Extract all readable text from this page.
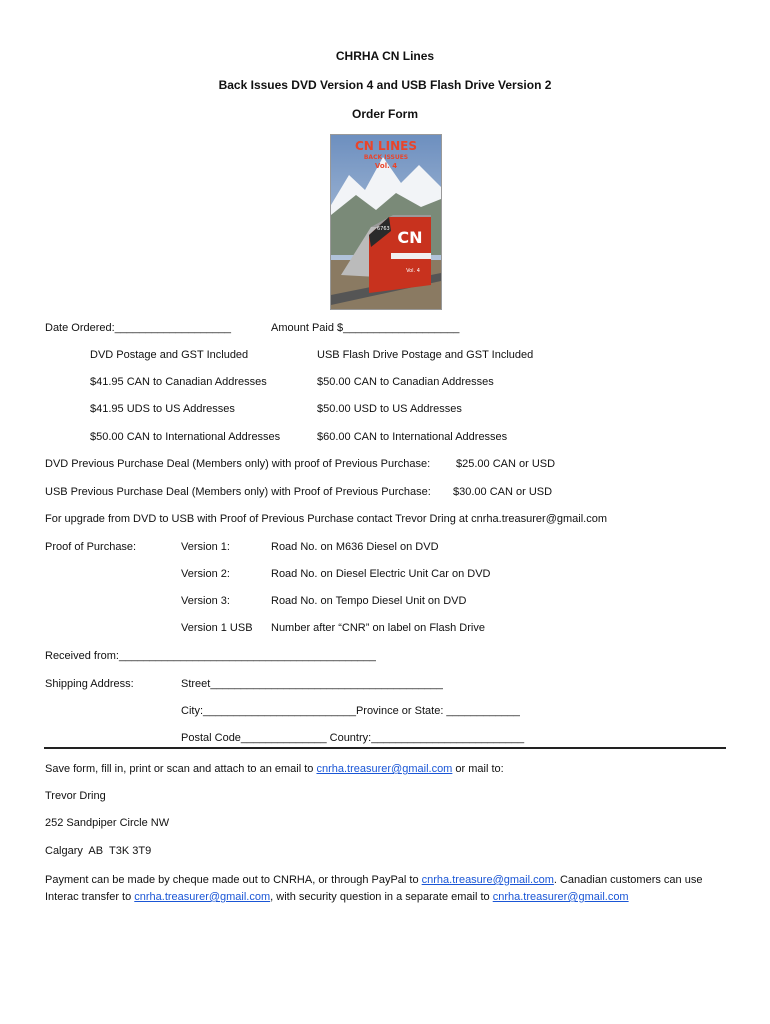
CHRHA CN Lines
Back Issues DVD Version 4 and USB Flash Drive Version 2
Order Form
CN
6763
CN LINES
BACK ISSUES
Vol. 4
Vol. 4
Date Ordered:___________________	Amount Paid $___________________
DVD Postage and GST Included	USB Flash Drive Postage and GST Included
$41.95 CAN to Canadian Addresses	$50.00 CAN to Canadian Addresses
$41.95 UDS to US Addresses	$50.00 USD to US Addresses
$50.00 CAN to International Addresses	$60.00 CAN to International Addresses
DVD Previous Purchase Deal (Members only) with proof of Previous Purchase: $25.00 CAN or USD
USB Previous Purchase Deal (Members only) with Proof of Previous Purchase: $30.00 CAN or USD
For upgrade from DVD to USB with Proof of Previous Purchase contact Trevor Dring at cnrha.treasurer@gmail.com
Proof of Purchase:	Version 1:	Road No. on M636 Diesel on DVD
Version 2:	Road No. on Diesel Electric Unit Car on DVD
Version 3:	Road No. on Tempo Diesel Unit on DVD
Version 1 USB Number after “CNR” on label on Flash Drive
Received from:__________________________________________
Shipping Address:	Street______________________________________
City:_________________________Province or State: ____________
Postal Code______________ Country:_________________________
Save form, fill in, print or scan and attach to an email to cnrha.treasurer@gmail.com or mail to:
Trevor Dring
252 Sandpiper Circle NW
Calgary  AB  T3K 3T9
Payment can be made by cheque made out to CNRHA, or through PayPal to cnrha.treasure@gmail.com. Canadian customers can use Interac transfer to cnrha.treasurer@gmail.com, with security question in a separate email to cnrha.treasurer@gmail.com
